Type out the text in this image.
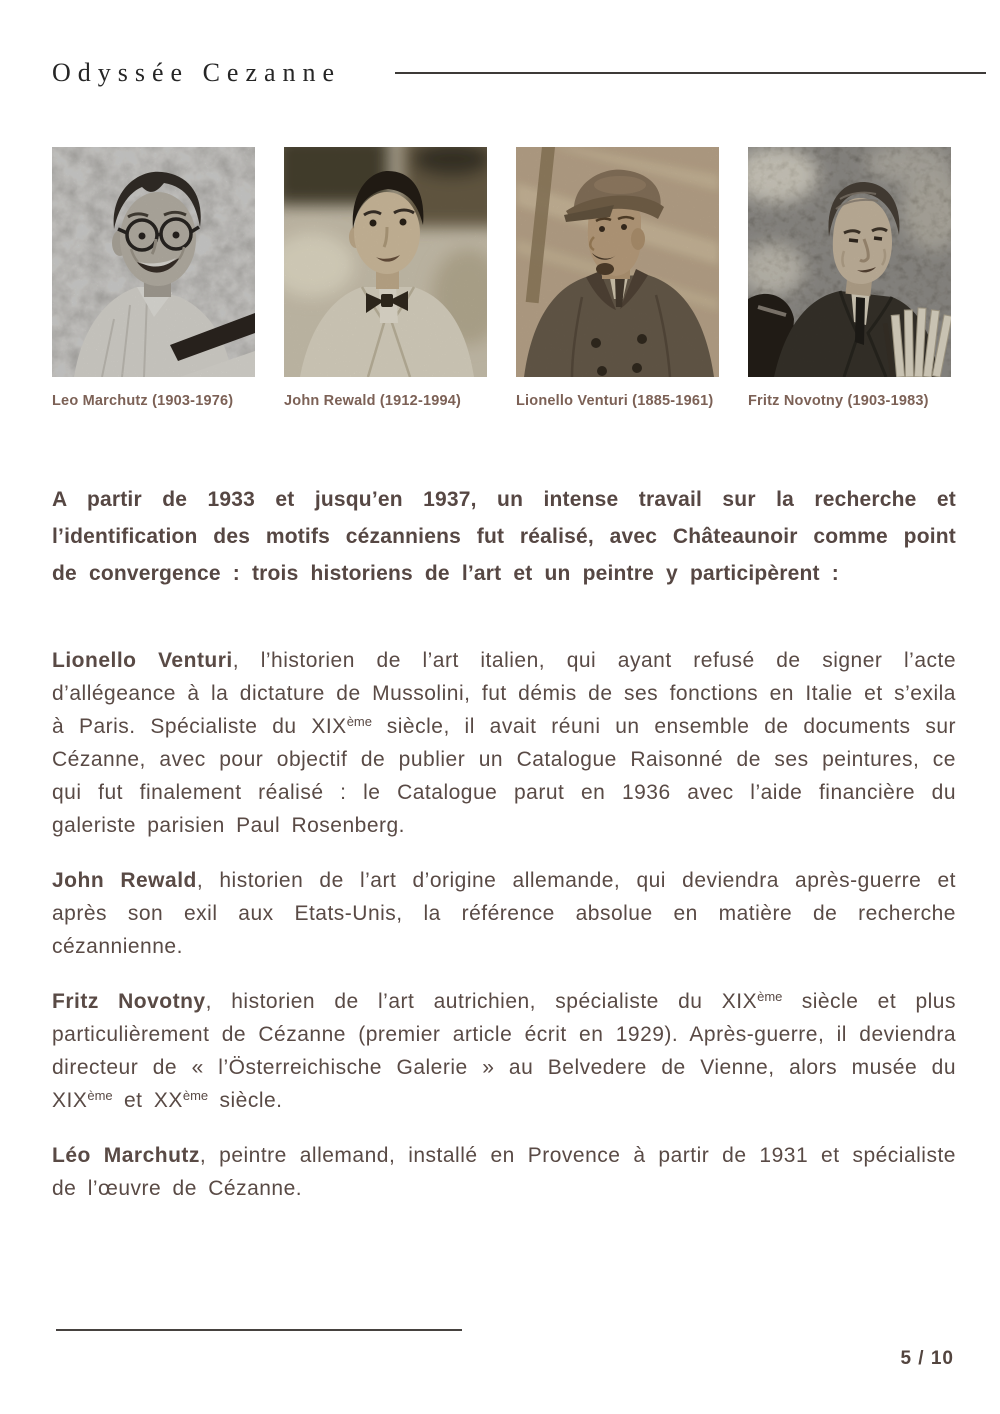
Odyssée Cezanne
Leo Marchutz (1903-1976)	John Rewald (1912-1994)	Lionello Venturi (1885-1961)	Fritz Novotny (1903-1983)

A partir de 1933 et jusqu’en 1937, un intense travail sur la recherche et l’identification des motifs cézanniens fut réalisé, avec Châteaunoir comme point de convergence : trois historiens de l’art et un peintre y participèrent :

Lionello Venturi, l’historien de l’art italien, qui ayant refusé de signer l’acte d’allégeance à la dictature de Mussolini, fut démis de ses fonctions en Italie et s’exila à Paris. Spécialiste du XIXème siècle, il avait réuni un ensemble de documents sur Cézanne, avec pour objectif de publier un Catalogue Raisonné de ses peintures, ce qui fut finalement réalisé : le Catalogue parut en 1936 avec l’aide financière du galeriste parisien Paul Rosenberg.

John Rewald, historien de l’art d’origine allemande, qui deviendra après-guerre et après son exil aux Etats-Unis, la référence absolue en matière de recherche cézannienne.

Fritz Novotny, historien de l’art autrichien, spécialiste du XIXème siècle et plus particulièrement de Cézanne (premier article écrit en 1929). Après-guerre, il deviendra directeur de « l’Österreichische Galerie » au Belvedere de Vienne, alors musée du XIXème et XXème siècle.

Léo Marchutz, peintre allemand, installé en Provence à partir de 1931 et spécialiste de l’œuvre de Cézanne.

5 / 10
